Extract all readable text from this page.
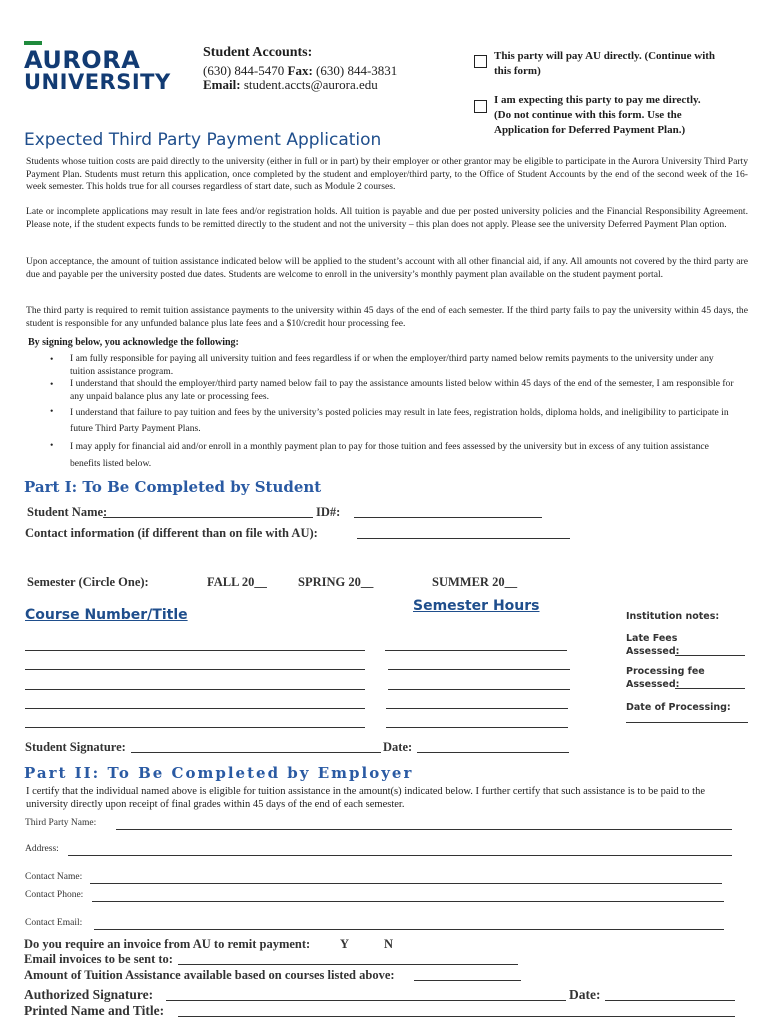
AURORA
UNIVERSITY
Student Accounts:
(630) 844-5470 Fax: (630) 844-3831
Email: student.accts@aurora.edu
This party will pay AU directly. (Continue with
this form)
I am expecting this party to pay me directly.
(Do not continue with this form. Use the
Application for Deferred Payment Plan.)
Expected Third Party Payment Application
Students whose tuition costs are paid directly to the university (either in full or in part) by their employer or other grantor may be eligible to participate in the Aurora University Third Party Payment Plan. Students must return this application, once completed by the student and employer/third party, to the Office of Student Accounts by the end of the second week of the 16-week semester. This holds true for all courses regardless of start date, such as Module 2 courses.
Late or incomplete applications may result in late fees and/or registration holds. All tuition is payable and due per posted university policies and the Financial Responsibility Agreement. Please note, if the student expects funds to be remitted directly to the student and not the university – this plan does not apply. Please see the university Deferred Payment Plan option.
Upon acceptance, the amount of tuition assistance indicated below will be applied to the student’s account with all other financial aid, if any. All amounts not covered by the third party are due and payable per the university posted due dates. Students are welcome to enroll in the university’s monthly payment plan available on the student payment portal.
The third party is required to remit tuition assistance payments to the university within 45 days of the end of each semester. If the third party fails to pay the university within 45 days, the student is responsible for any unfunded balance plus late fees and a $10/credit hour processing fee.
By signing below, you acknowledge the following:
• I am fully responsible for paying all university tuition and fees regardless if or when the employer/third party named below remits payments to the university under any tuition assistance program.
• I understand that should the employer/third party named below fail to pay the assistance amounts listed below within 45 days of the end of the semester, I am responsible for any unpaid balance plus any late or processing fees.
• I understand that failure to pay tuition and fees by the university’s posted policies may result in late fees, registration holds, diploma holds, and ineligibility to participate in future Third Party Payment Plans.
• I may apply for financial aid and/or enroll in a monthly payment plan to pay for those tuition and fees assessed by the university but in excess of any tuition assistance benefits listed below.
Part I: To Be Completed by Student
Student Name:	ID#:
Contact information (if different than on file with AU):
Semester (Circle One):	FALL 20__ SPRING 20__	SUMMER 20__
Course Number/Title
Semester Hours
Institution notes:
Late Fees
Assessed:
Processing fee
Assessed:
Date of Processing:
Student Signature:	Date:
Part II: To Be Completed by Employer
I certify that the individual named above is eligible for tuition assistance in the amount(s) indicated below. I further certify that such assistance is to be paid to the university directly upon receipt of final grades within 45 days of the end of each semester.
Third Party Name:
Address:
Contact Name:
Contact Phone:
Contact Email:
Do you require an invoice from AU to remit payment: Y	N
Email invoices to be sent to:
Amount of Tuition Assistance available based on courses listed above:
Authorized Signature:	Date:
Printed Name and Title:
